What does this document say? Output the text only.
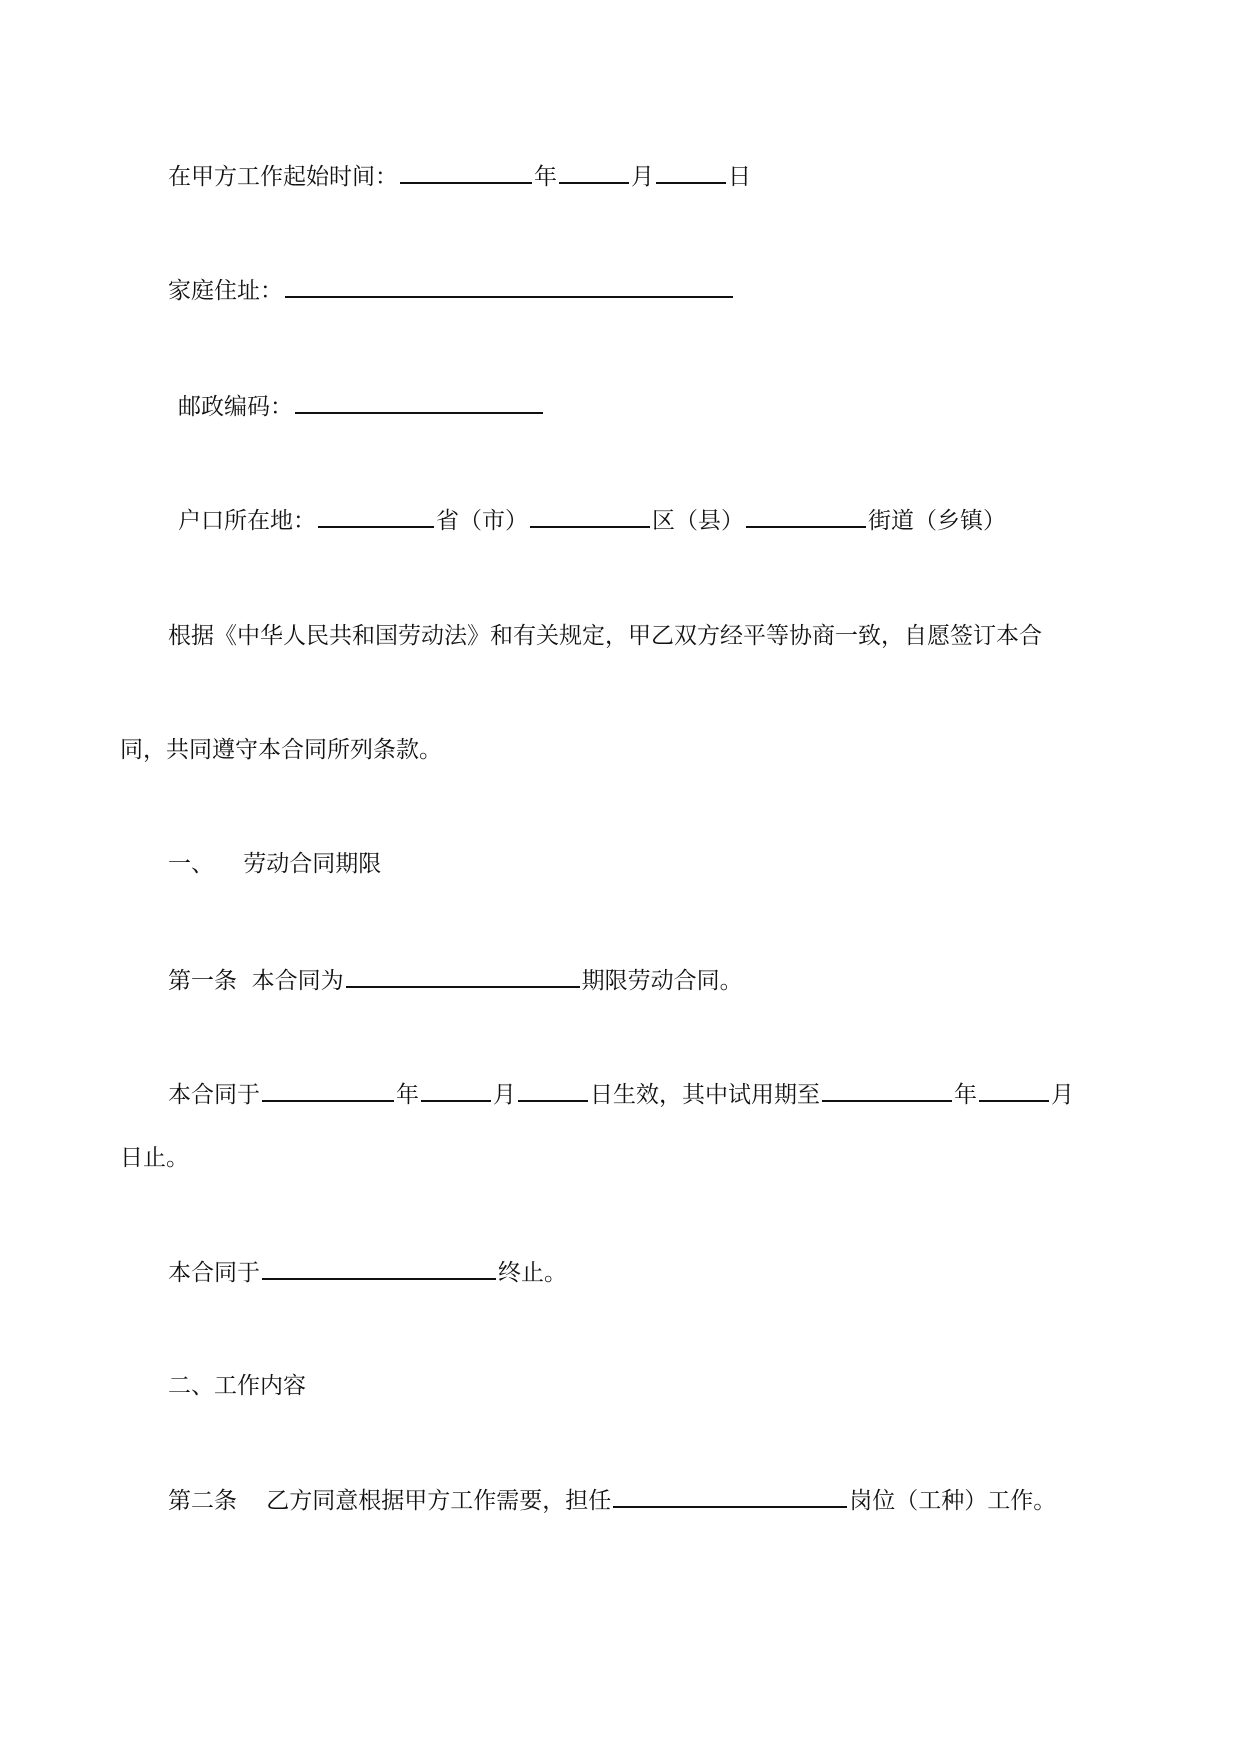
在甲方工作起始时间：	年	月	日
家庭住址：
邮政编码：
户口所在地：	省（市）	区（县）	街道（乡镇）
根据《中华人民共和国劳动法》和有关规定，甲乙双方经平等协商一致，自愿签订本合
同，共同遵守本合同所列条款。
一、    劳动合同期限
第一条  本合同为	期限劳动合同。
本合同于	年	月	日生效，其中试用期至	年	月
日止。
本合同于	终止。
二、工作内容
第二条    乙方同意根据甲方工作需要，担任	岗位（工种）工作。
